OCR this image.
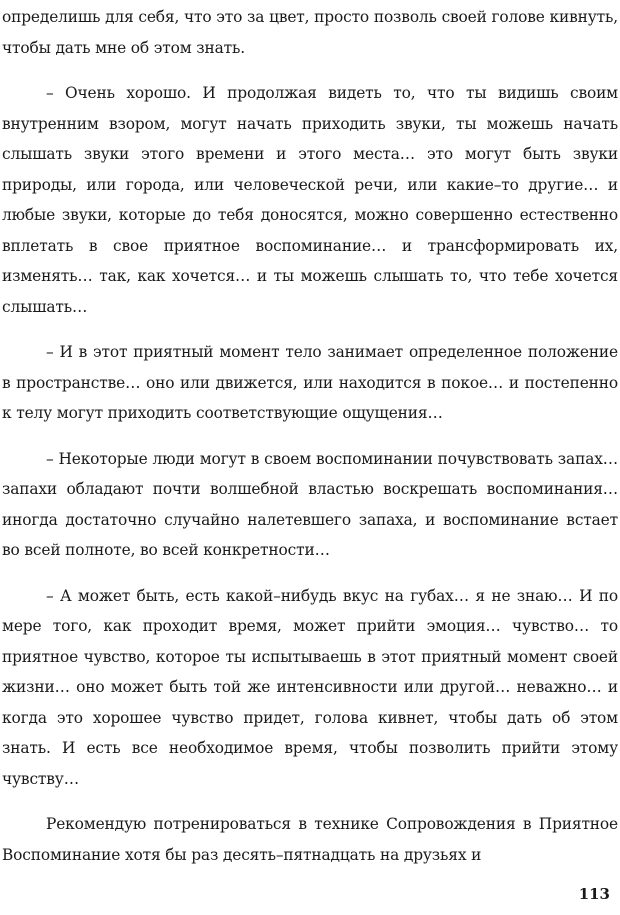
определишь для себя, что это за цвет, просто позволь своей голове кивнуть, чтобы дать мне об этом знать.

– Очень хорошо. И продолжая видеть то, что ты видишь своим внутренним взором, могут начать приходить звуки, ты можешь начать слышать звуки этого времени и этого места… это могут быть звуки природы, или города, или человеческой речи, или какие–то другие… и любые звуки, которые до тебя доносятся, можно совершенно естественно вплетать в свое приятное воспоминание… и трансформировать их, изменять… так, как хочется… и ты можешь слышать то, что тебе хочется слышать…

– И в этот приятный момент тело занимает определенное положение в пространстве… оно или движется, или находится в покое… и постепенно к телу могут приходить соответствующие ощущения…

– Некоторые люди могут в своем воспоминании почувствовать запах… запахи обладают почти волшебной властью воскрешать воспоминания… иногда достаточно случайно налетевшего запаха, и воспоминание встает во всей полноте, во всей конкретности…

– А может быть, есть какой–нибудь вкус на губах… я не знаю… И по мере того, как проходит время, может прийти эмоция… чувство… то приятное чувство, которое ты испытываешь в этот приятный момент своей жизни… оно может быть той же интенсивности или другой… неважно… и когда это хорошее чувство придет, голова кивнет, чтобы дать об этом знать. И есть все необходимое время, чтобы позволить прийти этому чувству…

Рекомендую потренироваться в технике Сопровождения в Приятное Воспоминание хотя бы раз десять–пятнадцать на друзьях и

113
